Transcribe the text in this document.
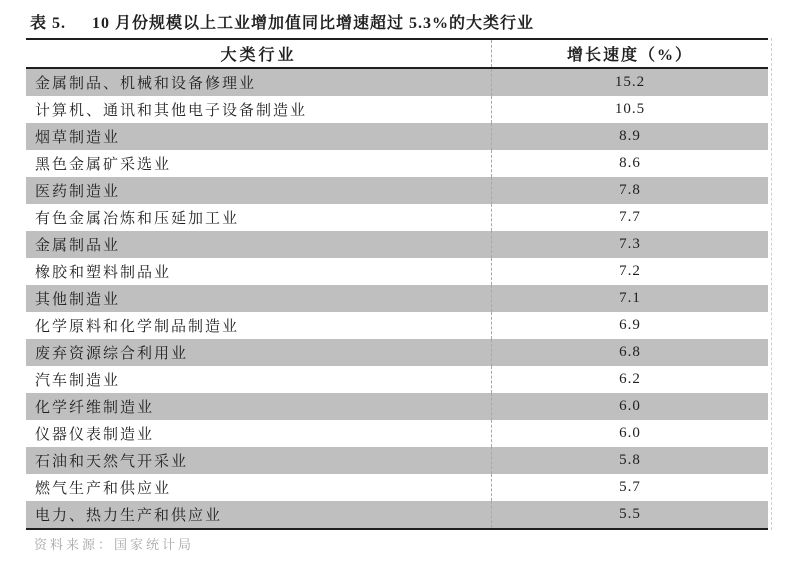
表 5. 10 月份规模以上工业增加值同比增速超过 5.3%的大类行业
大类行业	增长速度（%）
金属制品、机械和设备修理业	15.2
计算机、通讯和其他电子设备制造业	10.5
烟草制造业	8.9
黑色金属矿采选业	8.6
医药制造业	7.8
有色金属冶炼和压延加工业	7.7
金属制品业	7.3
橡胶和塑料制品业	7.2
其他制造业	7.1
化学原料和化学制品制造业	6.9
废弃资源综合利用业	6.8
汽车制造业	6.2
化学纤维制造业	6.0
仪器仪表制造业	6.0
石油和天然气开采业	5.8
燃气生产和供应业	5.7
电力、热力生产和供应业	5.5
资料来源：国家统计局
